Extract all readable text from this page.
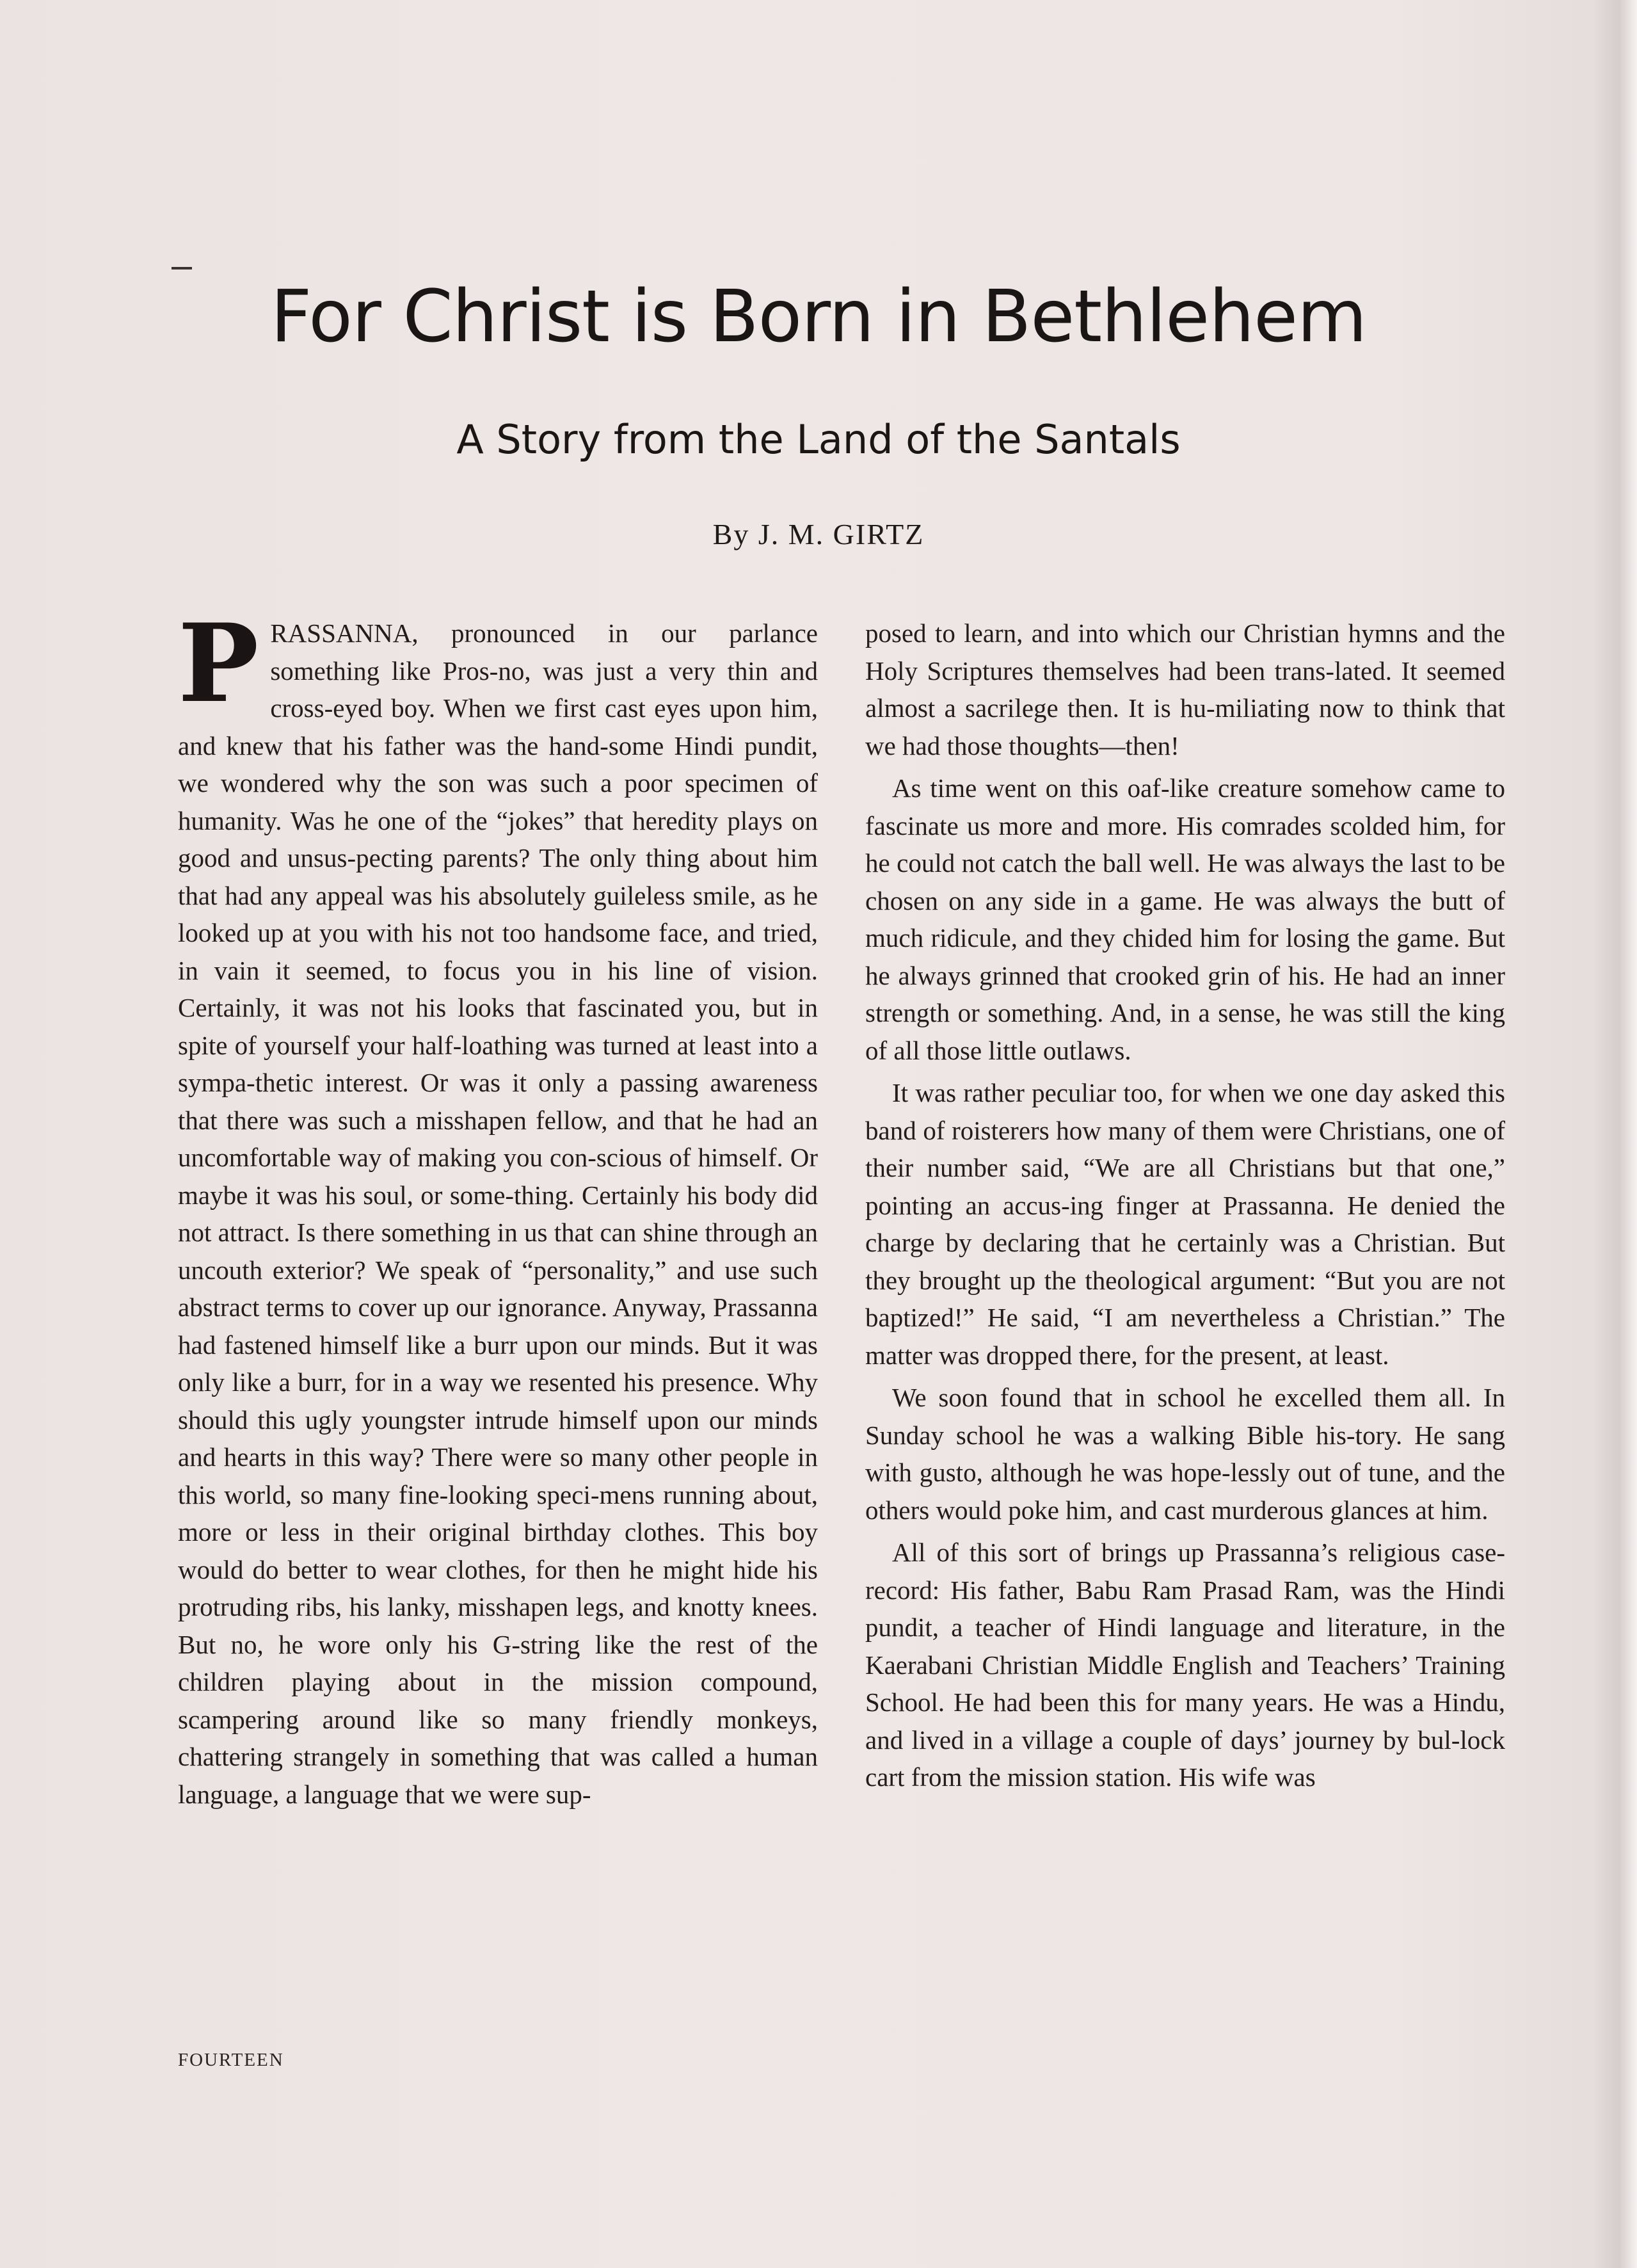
For Christ is Born in Bethlehem
A Story from the Land of the Santals

By J. M. GIRTZ

PRASSANNA, pronounced in our parlance something like Pros-no, was just a very thin and cross-eyed boy. When we first cast eyes upon him, and knew that his father was the hand-some Hindi pundit, we wondered why the son was such a poor specimen of humanity. Was he one of the “jokes” that heredity plays on good and unsus-pecting parents? The only thing about him that had any appeal was his absolutely guileless smile, as he looked up at you with his not too handsome face, and tried, in vain it seemed, to focus you in his line of vision. Certainly, it was not his looks that fascinated you, but in spite of yourself your half-loathing was turned at least into a sympa-thetic interest. Or was it only a passing awareness that there was such a misshapen fellow, and that he had an uncomfortable way of making you con-scious of himself. Or maybe it was his soul, or some-thing. Certainly his body did not attract. Is there something in us that can shine through an uncouth exterior? We speak of “personality,” and use such abstract terms to cover up our ignorance. Anyway, Prassanna had fastened himself like a burr upon our minds. But it was only like a burr, for in a way we resented his presence. Why should this ugly youngster intrude himself upon our minds and hearts in this way? There were so many other people in this world, so many fine-looking speci-mens running about, more or less in their original birthday clothes. This boy would do better to wear clothes, for then he might hide his protruding ribs, his lanky, misshapen legs, and knotty knees. But no, he wore only his G-string like the rest of the children playing about in the mission compound, scampering around like so many friendly monkeys, chattering strangely in something that was called a human language, a language that we were sup-

posed to learn, and into which our Christian hymns and the Holy Scriptures themselves had been trans-lated. It seemed almost a sacrilege then. It is hu-miliating now to think that we had those thoughts—then!

As time went on this oaf-like creature somehow came to fascinate us more and more. His comrades scolded him, for he could not catch the ball well. He was always the last to be chosen on any side in a game. He was always the butt of much ridicule, and they chided him for losing the game. But he always grinned that crooked grin of his. He had an inner strength or something. And, in a sense, he was still the king of all those little outlaws.

It was rather peculiar too, for when we one day asked this band of roisterers how many of them were Christians, one of their number said, “We are all Christians but that one,” pointing an accus-ing finger at Prassanna. He denied the charge by declaring that he certainly was a Christian. But they brought up the theological argument: “But you are not baptized!” He said, “I am nevertheless a Christian.” The matter was dropped there, for the present, at least.

We soon found that in school he excelled them all. In Sunday school he was a walking Bible his-tory. He sang with gusto, although he was hope-lessly out of tune, and the others would poke him, and cast murderous glances at him.

All of this sort of brings up Prassanna’s religious case-record: His father, Babu Ram Prasad Ram, was the Hindi pundit, a teacher of Hindi language and literature, in the Kaerabani Christian Middle English and Teachers’ Training School. He had been this for many years. He was a Hindu, and lived in a village a couple of days’ journey by bul-lock cart from the mission station. His wife was

FOURTEEN
